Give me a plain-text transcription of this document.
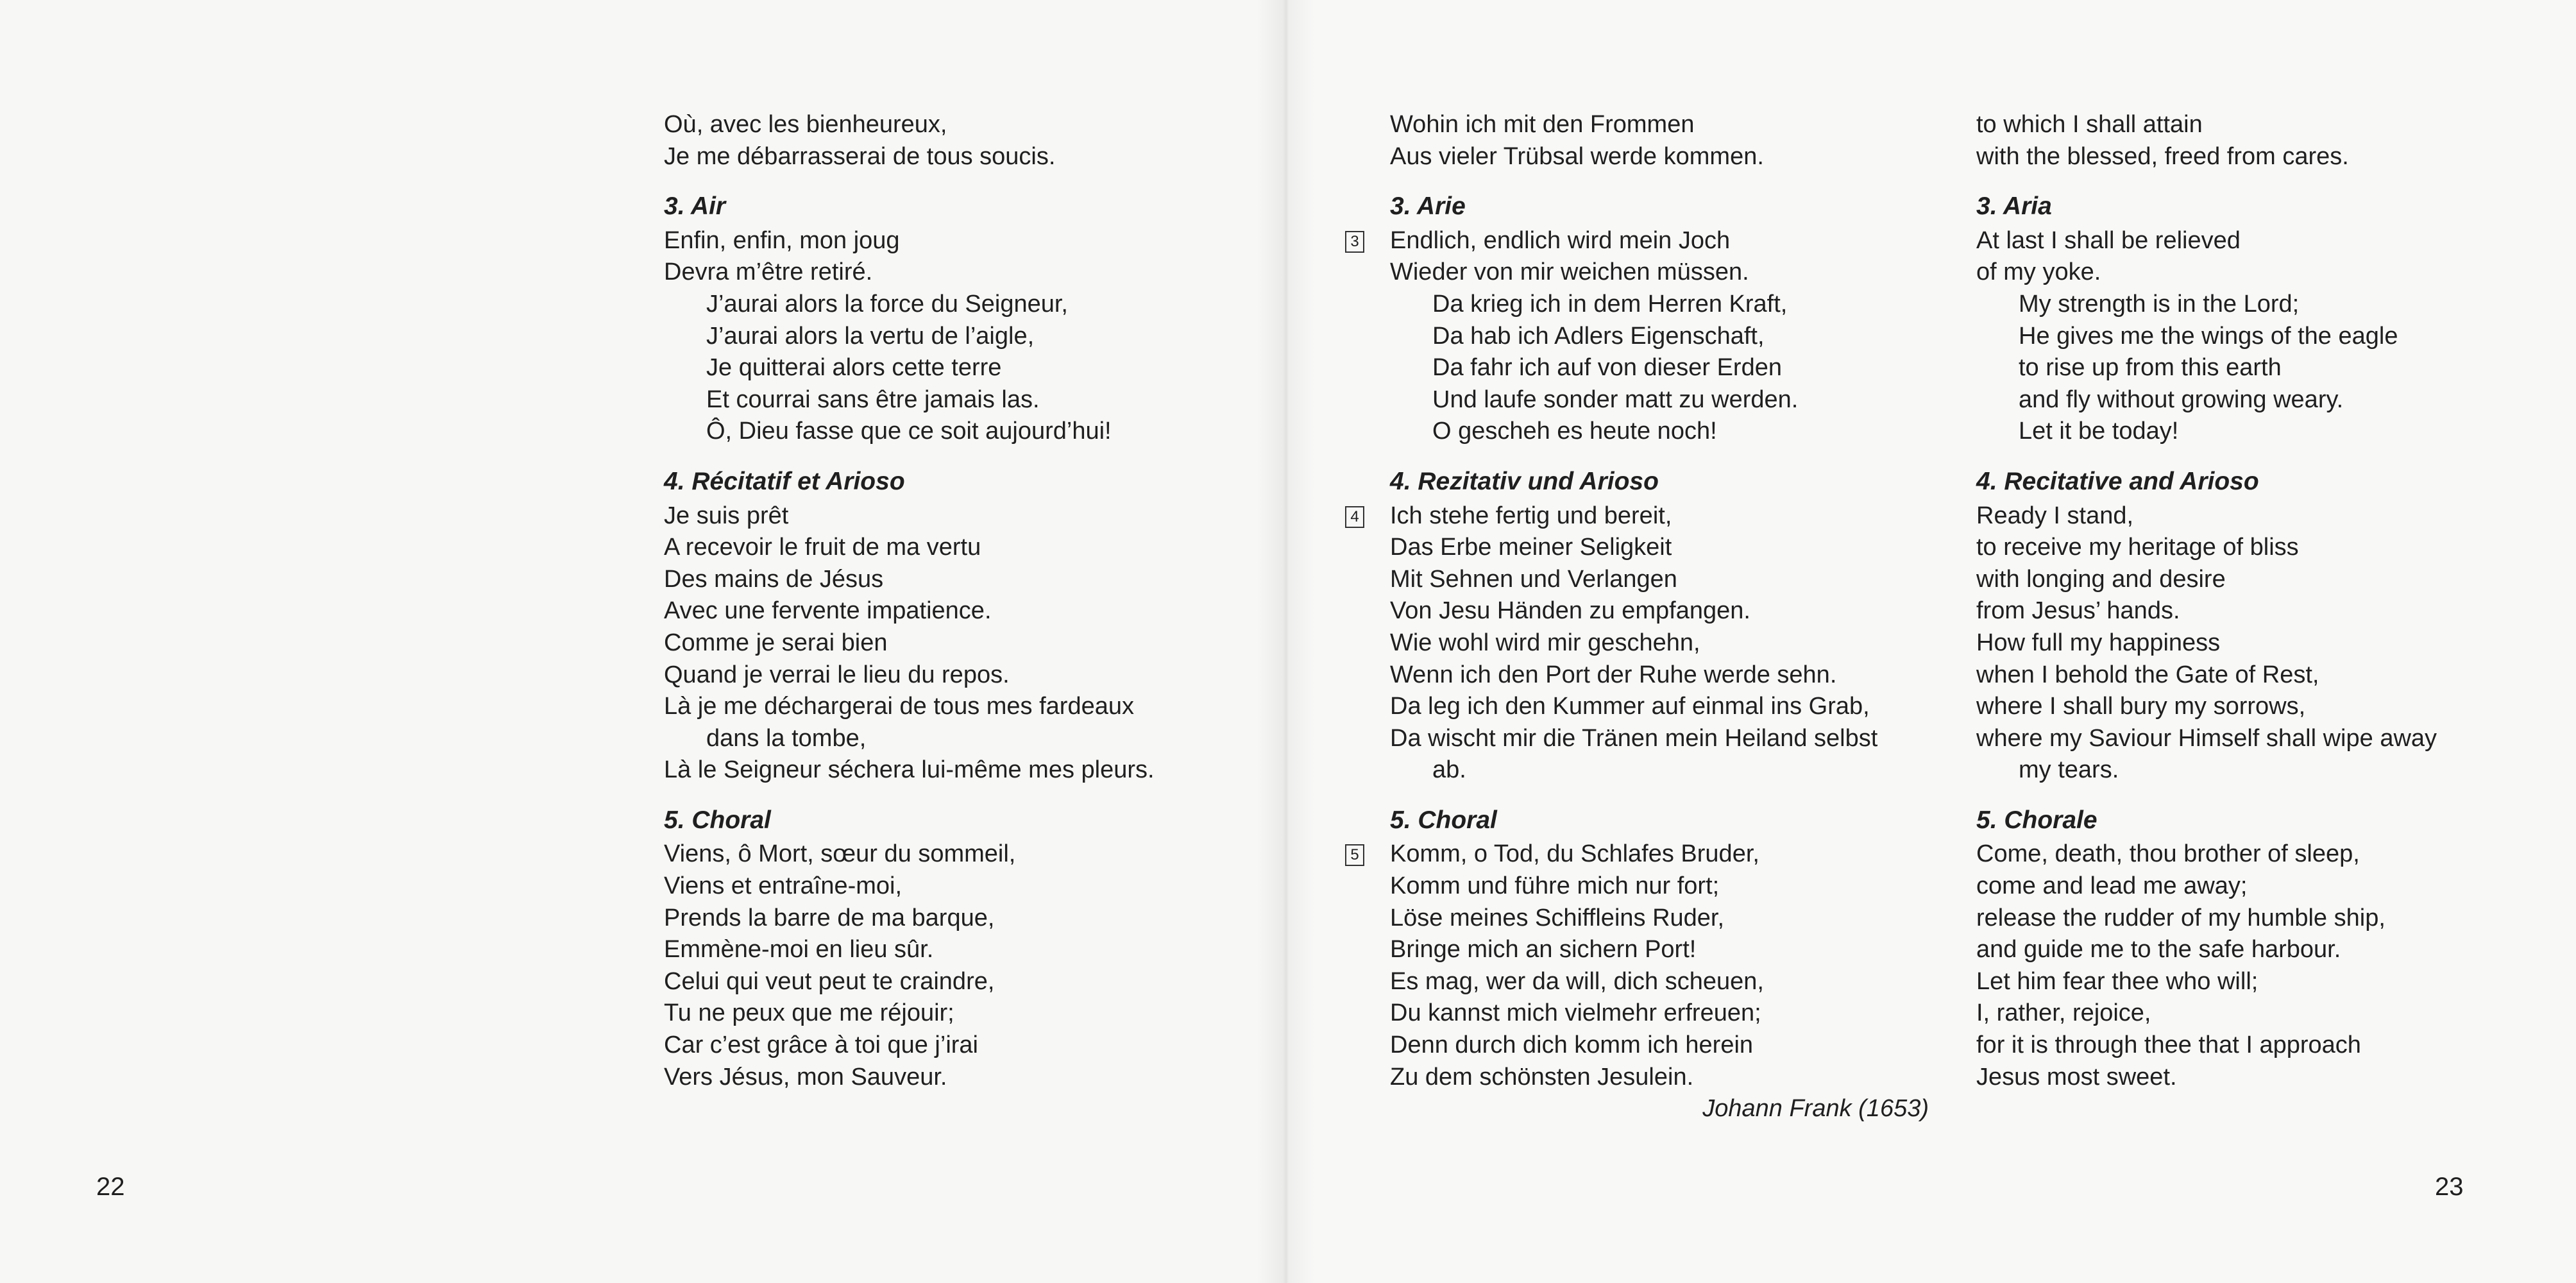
Où, avec les bienheureux,
Je me débarrasserai de tous soucis.
3. Air
Enfin, enfin, mon joug
Devra m’être retiré.
J’aurai alors la force du Seigneur,
J’aurai alors la vertu de l’aigle,
Je quitterai alors cette terre
Et courrai sans être jamais las.
Ô, Dieu fasse que ce soit aujourd’hui!
4. Récitatif et Arioso
Je suis prêt
A recevoir le fruit de ma vertu
Des mains de Jésus
Avec une fervente impatience.
Comme je serai bien
Quand je verrai le lieu du repos.
Là je me déchargerai de tous mes fardeaux
dans la tombe,
Là le Seigneur séchera lui-même mes pleurs.
5. Choral
Viens, ô Mort, sœur du sommeil,
Viens et entraîne-moi,
Prends la barre de ma barque,
Emmène-moi en lieu sûr.
Celui qui veut peut te craindre,
Tu ne peux que me réjouir;
Car c’est grâce à toi que j’irai
Vers Jésus, mon Sauveur.
Wohin ich mit den Frommen
Aus vieler Trübsal werde kommen.
3. Arie
3 Endlich, endlich wird mein Joch
Wieder von mir weichen müssen.
Da krieg ich in dem Herren Kraft,
Da hab ich Adlers Eigenschaft,
Da fahr ich auf von dieser Erden
Und laufe sonder matt zu werden.
O gescheh es heute noch!
4. Rezitativ und Arioso
4 Ich stehe fertig und bereit,
Das Erbe meiner Seligkeit
Mit Sehnen und Verlangen
Von Jesu Händen zu empfangen.
Wie wohl wird mir geschehn,
Wenn ich den Port der Ruhe werde sehn.
Da leg ich den Kummer auf einmal ins Grab,
Da wischt mir die Tränen mein Heiland selbst
ab.
5. Choral
5 Komm, o Tod, du Schlafes Bruder,
Komm und führe mich nur fort;
Löse meines Schiffleins Ruder,
Bringe mich an sichern Port!
Es mag, wer da will, dich scheuen,
Du kannst mich vielmehr erfreuen;
Denn durch dich komm ich herein
Zu dem schönsten Jesulein.
Johann Frank (1653)
to which I shall attain
with the blessed, freed from cares.
3. Aria
At last I shall be relieved
of my yoke.
My strength is in the Lord;
He gives me the wings of the eagle
to rise up from this earth
and fly without growing weary.
Let it be today!
4. Recitative and Arioso
Ready I stand,
to receive my heritage of bliss
with longing and desire
from Jesus’ hands.
How full my happiness
when I behold the Gate of Rest,
where I shall bury my sorrows,
where my Saviour Himself shall wipe away
my tears.
5. Chorale
Come, death, thou brother of sleep,
come and lead me away;
release the rudder of my humble ship,
and guide me to the safe harbour.
Let him fear thee who will;
I, rather, rejoice,
for it is through thee that I approach
Jesus most sweet.
22	23
